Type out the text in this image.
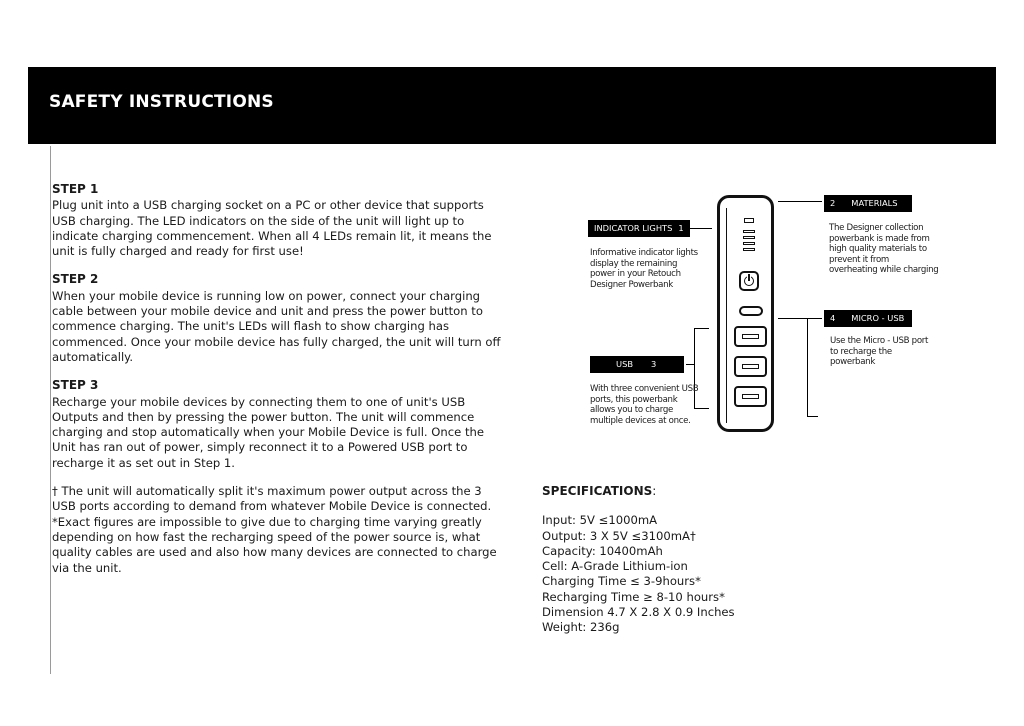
SAFETY INSTRUCTIONS
STEP 1

Plug unit into a USB charging socket on a PC or other device that supports USB charging. The LED indicators on the side of the unit will light up to indicate charging commencement. When all 4 LEDs remain lit, it means the unit is fully charged and ready for first use!

STEP 2

When your mobile device is running low on power, connect your charging cable between your mobile device and unit and press the power button to commence charging. The unit's LEDs will flash to show charging has commenced. Once your mobile device has fully charged, the unit will turn off automatically.

STEP 3

Recharge your mobile devices by connecting them to one of unit's USB Outputs and then by pressing the power button. The unit will commence charging and stop automatically when your Mobile Device is full. Once the Unit has ran out of power, simply reconnect it to a Powered USB port to recharge it as set out in Step 1.

† The unit will automatically split it's maximum power output across the 3 USB ports according to demand from whatever Mobile Device is connected.

*Exact figures are impossible to give due to charging time varying greatly depending on how fast the recharging speed of the power source is, what quality cables are used and also how many devices are connected to charge via the unit.

INDICATOR LIGHTS 1
Informative indicator lights display the remaining power in your Retouch Designer Powerbank
2 MATERIALS
The Designer collection powerbank is made from high quality materials to prevent it from overheating while charging
4 MICRO - USB
Use the Micro - USB port to recharge the powerbank
USB 3
With three convenient USB ports, this powerbank allows you to charge multiple devices at once.
SPECIFICATIONS:
Input: 5V ≤1000mA
Output: 3 X 5V ≤3100mA†
Capacity: 10400mAh
Cell: A-Grade Lithium-ion
Charging Time ≤ 3-9hours*
Recharging Time ≥ 8-10 hours*
Dimension 4.7 X 2.8 X 0.9 Inches
Weight: 236g
